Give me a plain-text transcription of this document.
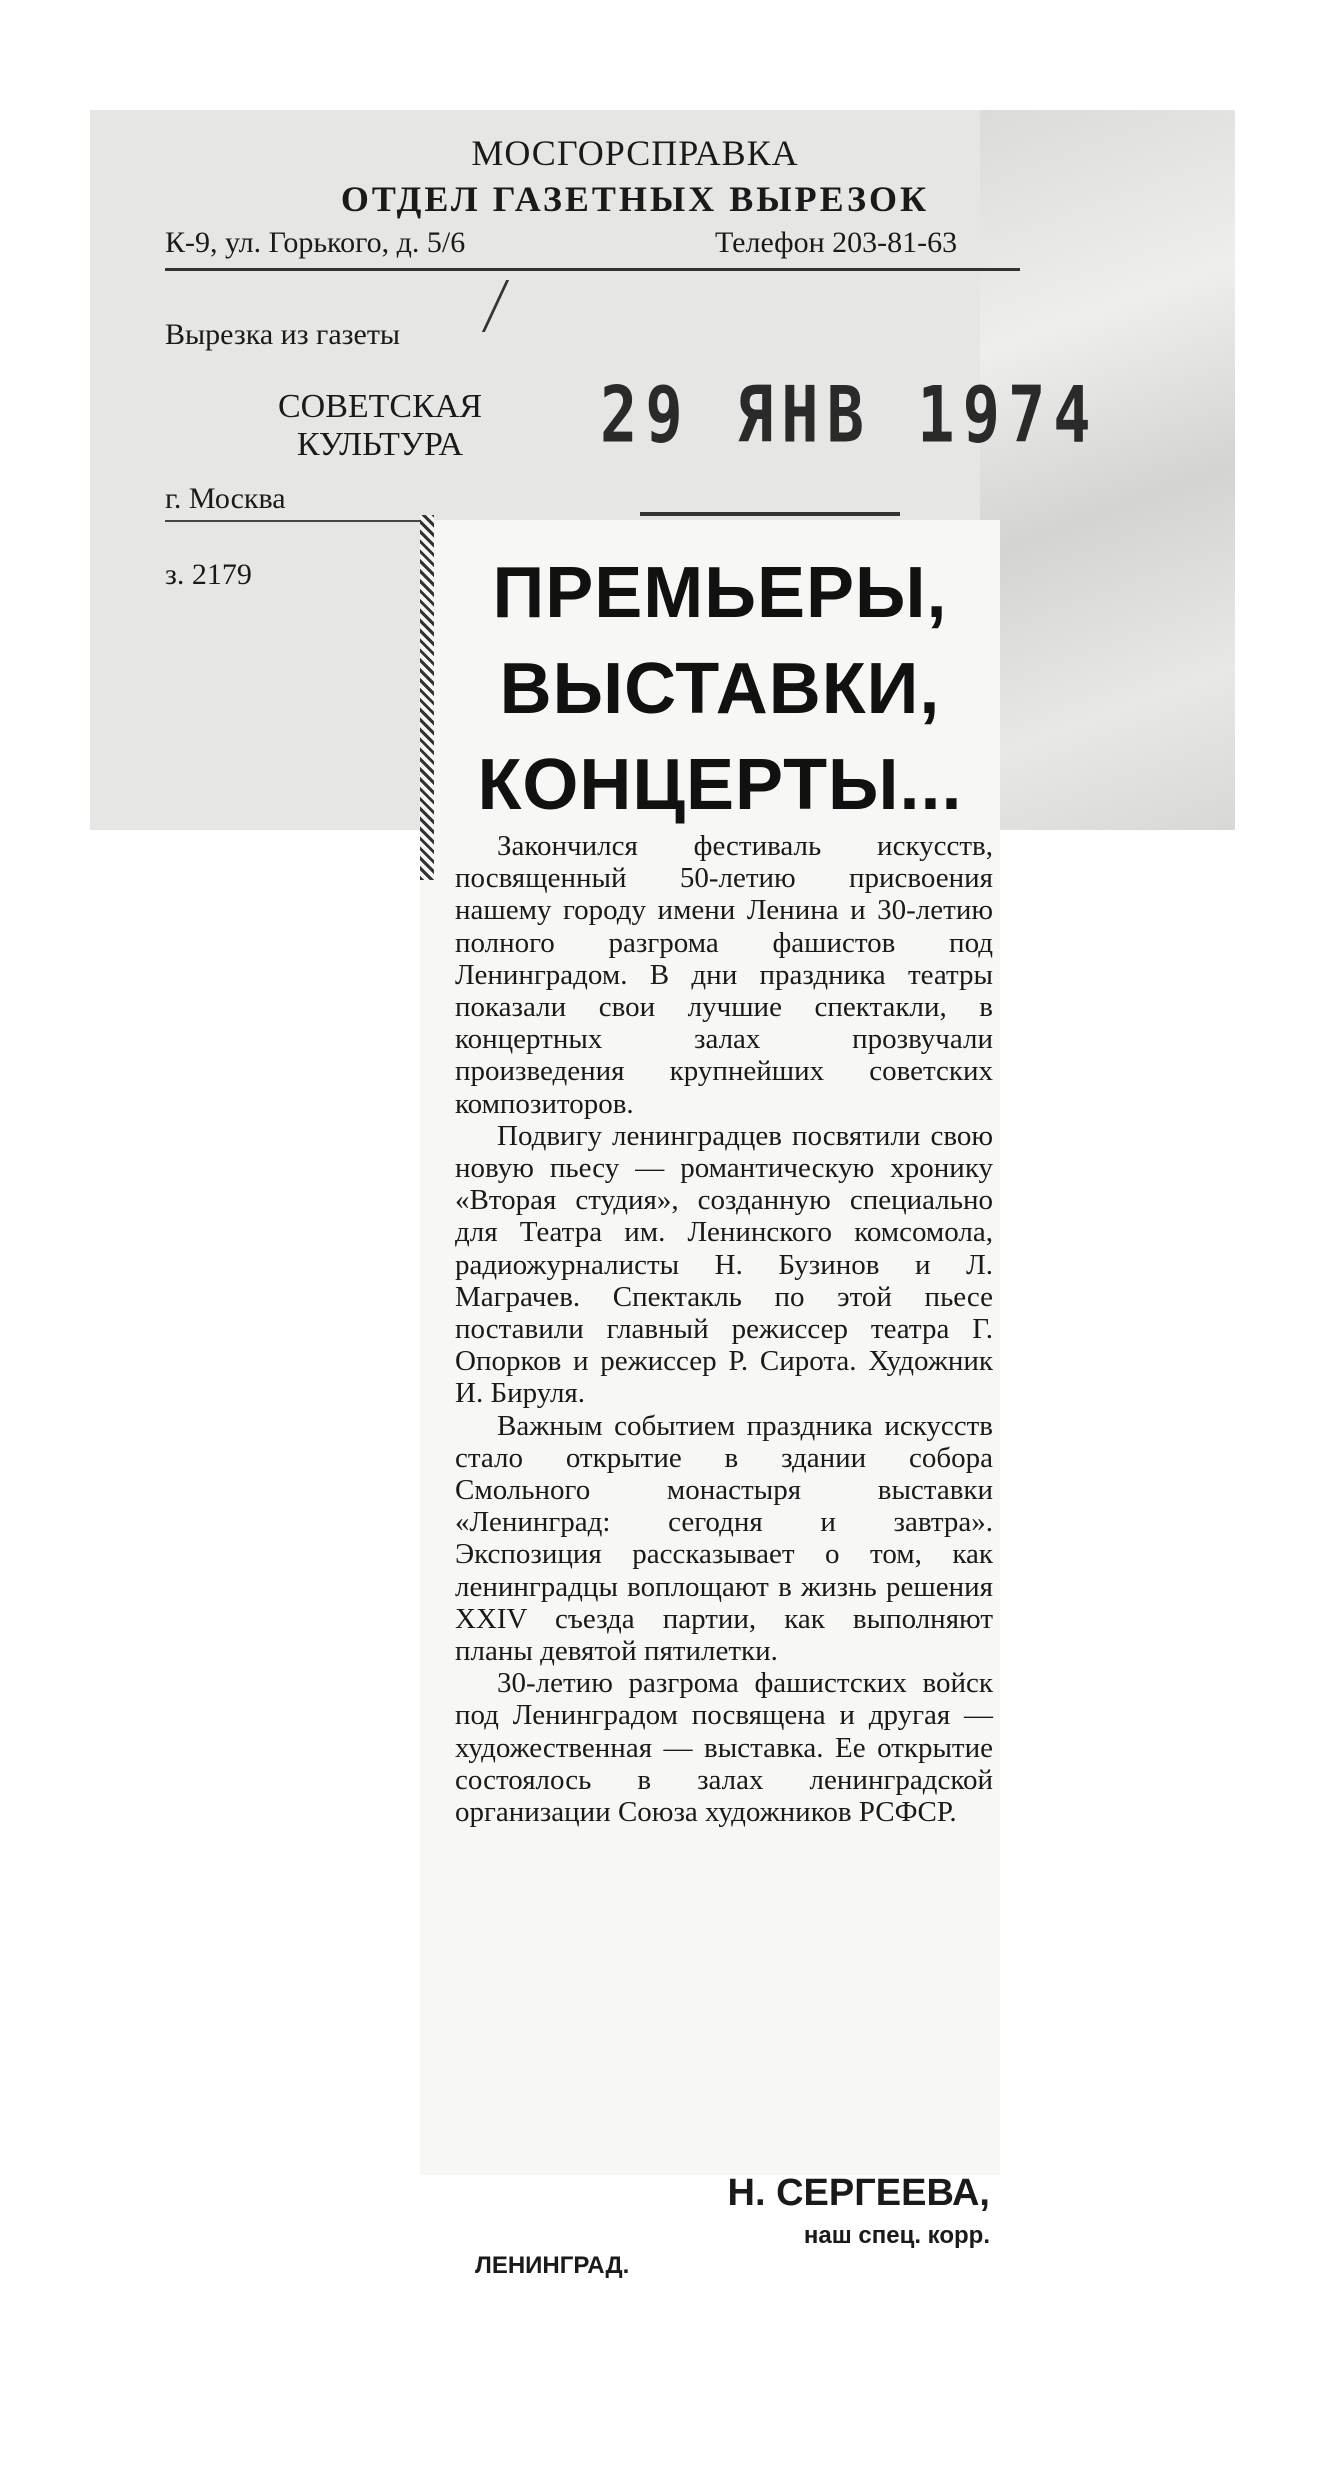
МОСГОРСПРАВКА
ОТДЕЛ ГАЗЕТНЫХ ВЫРЕЗОК
К-9, ул. Горького, д. 5/6	Телефон 203-81-63
Вырезка из газеты
СОВЕТСКАЯ КУЛЬТУРА	29 ЯНВ 1974
г. Москва
з. 2179	ПРЕМЬЕРЫ, ВЫСТАВКИ, КОНЦЕРТЫ...

Закончился фестиваль искусств, посвященный 50-летию присвоения нашему городу имени Ленина и 30-летию полного разгрома фашистов под Ленинградом. В дни праздника театры показали свои лучшие спектакли, в концертных залах прозвучали произведения крупнейших советских композиторов.

Подвигу ленинградцев посвятили свою новую пьесу — романтическую хронику «Вторая студия», созданную специально для Театра им. Ленинского комсомола, радиожурналисты Н. Бузинов и Л. Маграчев. Спектакль по этой пьесе поставили главный режиссер театра Г. Опорков и режиссер Р. Сирота. Художник И. Бируля.

Важным событием праздника искусств стало открытие в здании собора Смольного монастыря выставки «Ленинград: сегодня и завтра». Экспозиция рассказывает о том, как ленинградцы воплощают в жизнь решения XXIV съезда партии, как выполняют планы девятой пятилетки.

30-летию разгрома фашистских войск под Ленинградом посвящена и другая — художественная — выставка. Ее открытие состоялось в залах ленинградской организации Союза художников РСФСР.

Н. СЕРГЕЕВА,
наш спец. корр.
ЛЕНИНГРАД.
